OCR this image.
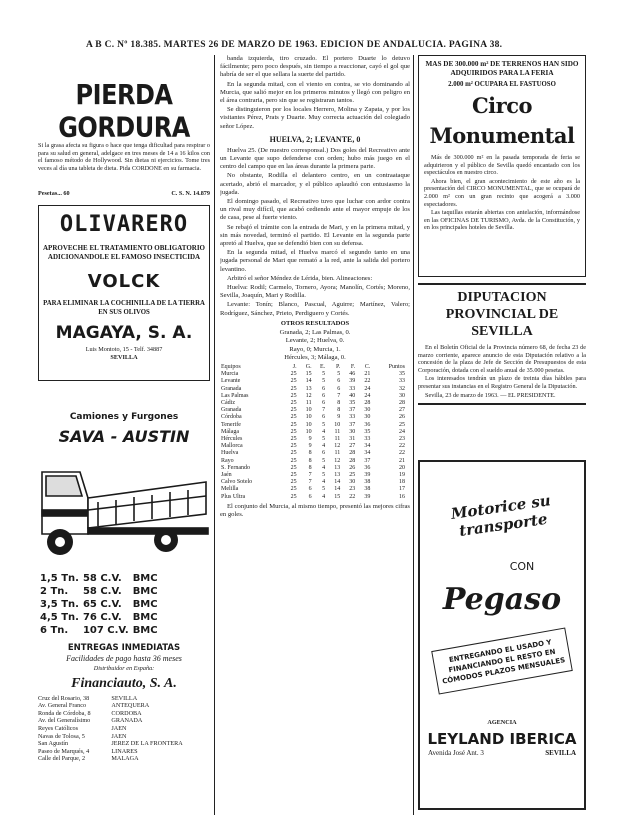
A B C. Nº 18.385. MARTES 26 DE MARZO DE 1963. EDICION DE ANDALUCIA. PAGINA 38.
PIERDA GORDURA
Si la grasa afecta su figura o hace que tenga dificultad para respirar o para su salud en general, adelgace en tres meses de 14 a 16 kilos con el famoso método de Hollywood. Sin dietas ni ejercicios. Tome tres veces al día una tableta de dieta. Pida CORDONE en su farmacia.
Pesetas... 60	C. S. N. 14.879
OLIVARERO
APROVECHE EL TRATAMIENTO OBLIGATORIO ADICIONANDOLE EL FAMOSO INSECTICIDA
VOLCK
PARA ELIMINAR LA COCHINILLA DE LA TIERRA EN SUS OLIVOS
MAGAYA, S. A.
Luis Montoto, 15 - Telf. 34887
SEVILLA
Camiones y Furgones
SAVA - AUSTIN
1,5 Tn.	58 C.V.	BMC
2 Tn.	58 C.V.	BMC
3,5 Tn.	65 C.V.	BMC
4,5 Tn.	76 C.V.	BMC
6 Tn.	107 C.V.	BMC
ENTREGAS INMEDIATAS
Facilidades de pago hasta 36 meses
Distribuidor en España:
Financiauto, S. A.
Cruz del Rosario, 38	SEVILLA
Av. General Franco	ANTEQUERA
Ronda de Córdoba, 8	CORDOBA
Av. del Generalísimo	GRANADA
Reyes Católicos	JAEN
Navas de Tolosa, 5	JAEN
San Agustín	JEREZ DE LA FRONTERA
Paseo de Marqués, 4	LINARES
Calle del Parque, 2	MALAGA

banda izquierda, tiro cruzado. El portero Duarte lo detuvo fácilmente; pero poco después, sin tiempo a reaccionar, cayó el gol que habría de ser el que sellara la suerte del partido.

En la segunda mitad, con el viento en contra, se vio dominando al Murcia, que salió mejor en los primeros minutos y llegó con peligro en el área contraria, pero sin que se registraran tantos.

Se distinguieron por los locales Herrero, Molina y Zapata, y por los visitantes Pérez, Prats y Duarte. Muy correcta actuación del colegiado señor López.

HUELVA, 2; LEVANTE, 0

Huelva 25. (De nuestro corresponsal.) Dos goles del Recreativo ante un Levante que supo defenderse con orden; hubo más juego en el centro del campo que en las áreas durante la primera parte.

No obstante, Rodilla el delantero centro, en un contraataque acertado, abrió el marcador, y el público aplaudió con entusiasmo la jugada.

El domingo pasado, el Recreativo tuvo que luchar con ardor contra un rival muy difícil, que acabó cediendo ante el mayor empuje de los de casa, pese al fuerte viento.

Se rebajó el trámite con la entrada de Mari, y en la primera mitad, y sin más novedad, terminó el partido. El Levante en la segunda parte apretó al Huelva, que se defendió bien con su defensa.

En la segunda mitad, el Huelva marcó el segundo tanto en una jugada personal de Mari que remató a la red, ante la salida del portero levantino.

Arbitró el señor Méndez de Lérida, bien. Alineaciones:

Huelva: Rodil; Carmelo, Tornero, Ayora; Manolín, Cortés; Moreno, Sevilla, Joaquín, Mari y Rodilla.

Levante: Tonín; Blanco, Pascual, Aguirre; Martínez, Valero; Rodríguez, Sánchez, Prieto, Perdiguero y Cortés.

OTROS RESULTADOS
Granada, 2; Las Palmas, 0.
Levante, 2; Huelva, 0.
Rayo, 0; Murcia, 1.
Hércules, 3; Málaga, 0.
Equipos	J.	G.	E.	P.	F.	C.	Puntos
Murcia	25	15	5	5	46	21	35
Levante	25	14	5	6	39	22	33
Granada	25	13	6	6	33	24	32
Las Palmas	25	12	6	7	40	24	30
Cádiz	25	11	6	8	35	28	28
Granada	25	10	7	8	37	30	27
Córdoba	25	10	6	9	33	30	26
Tenerife	25	10	5	10	37	36	25
Málaga	25	10	4	11	30	35	24
Hércules	25	9	5	11	31	33	23
Mallorca	25	9	4	12	27	34	22
Huelva	25	8	6	11	28	34	22
Rayo	25	8	5	12	28	37	21
S. Fernando	25	8	4	13	26	36	20
Jaén	25	7	5	13	25	39	19
Calvo Sotelo	25	7	4	14	30	38	18
Melilla	25	6	5	14	23	38	17
Plus Ultra	25	6	4	15	22	39	16

El conjunto del Murcia, al mismo tiempo, presentó las mejores cifras en goles.

MAS DE 300.000 m² DE TERRENOS HAN SIDO ADQUIRIDOS PARA LA FERIA
2.000 m² OCUPARA EL FASTUOSO
Circo Monumental

Más de 300.000 m² en la pasada temporada de feria se adquirieron y el público de Sevilla quedó encantado con los espectáculos en nuestro circo.

Ahora bien, el gran acontecimiento de este año es la presentación del CIRCO MONUMENTAL, que se ocupará de 2.000 m² con un gran recinto que acogerá a 3.000 espectadores.

Las taquillas estarán abiertas con antelación, informándose en las OFICINAS DE TURISMO, Avda. de la Constitución, y en los principales hoteles de Sevilla.

DIPUTACION PROVINCIAL DE SEVILLA

En el Boletín Oficial de la Provincia número 68, de fecha 23 de marzo corriente, aparece anuncio de esta Diputación relativo a la concesión de la plaza de Jefe de Sección de Presupuestos de esta Corporación, dotada con el sueldo anual de 35.000 pesetas.

Los interesados tendrán un plazo de treinta días hábiles para presentar sus instancias en el Registro General de la Diputación.

Sevilla, 23 de marzo de 1963. — EL PRESIDENTE.

Motorice su transporte
CON
Pegaso
ENTREGANDO EL USADO Y FINANCIANDO EL RESTO EN CÓMODOS PLAZOS MENSUALES
AGENCIA
LEYLAND IBERICA
Avenida José Ant. 3	SEVILLA
